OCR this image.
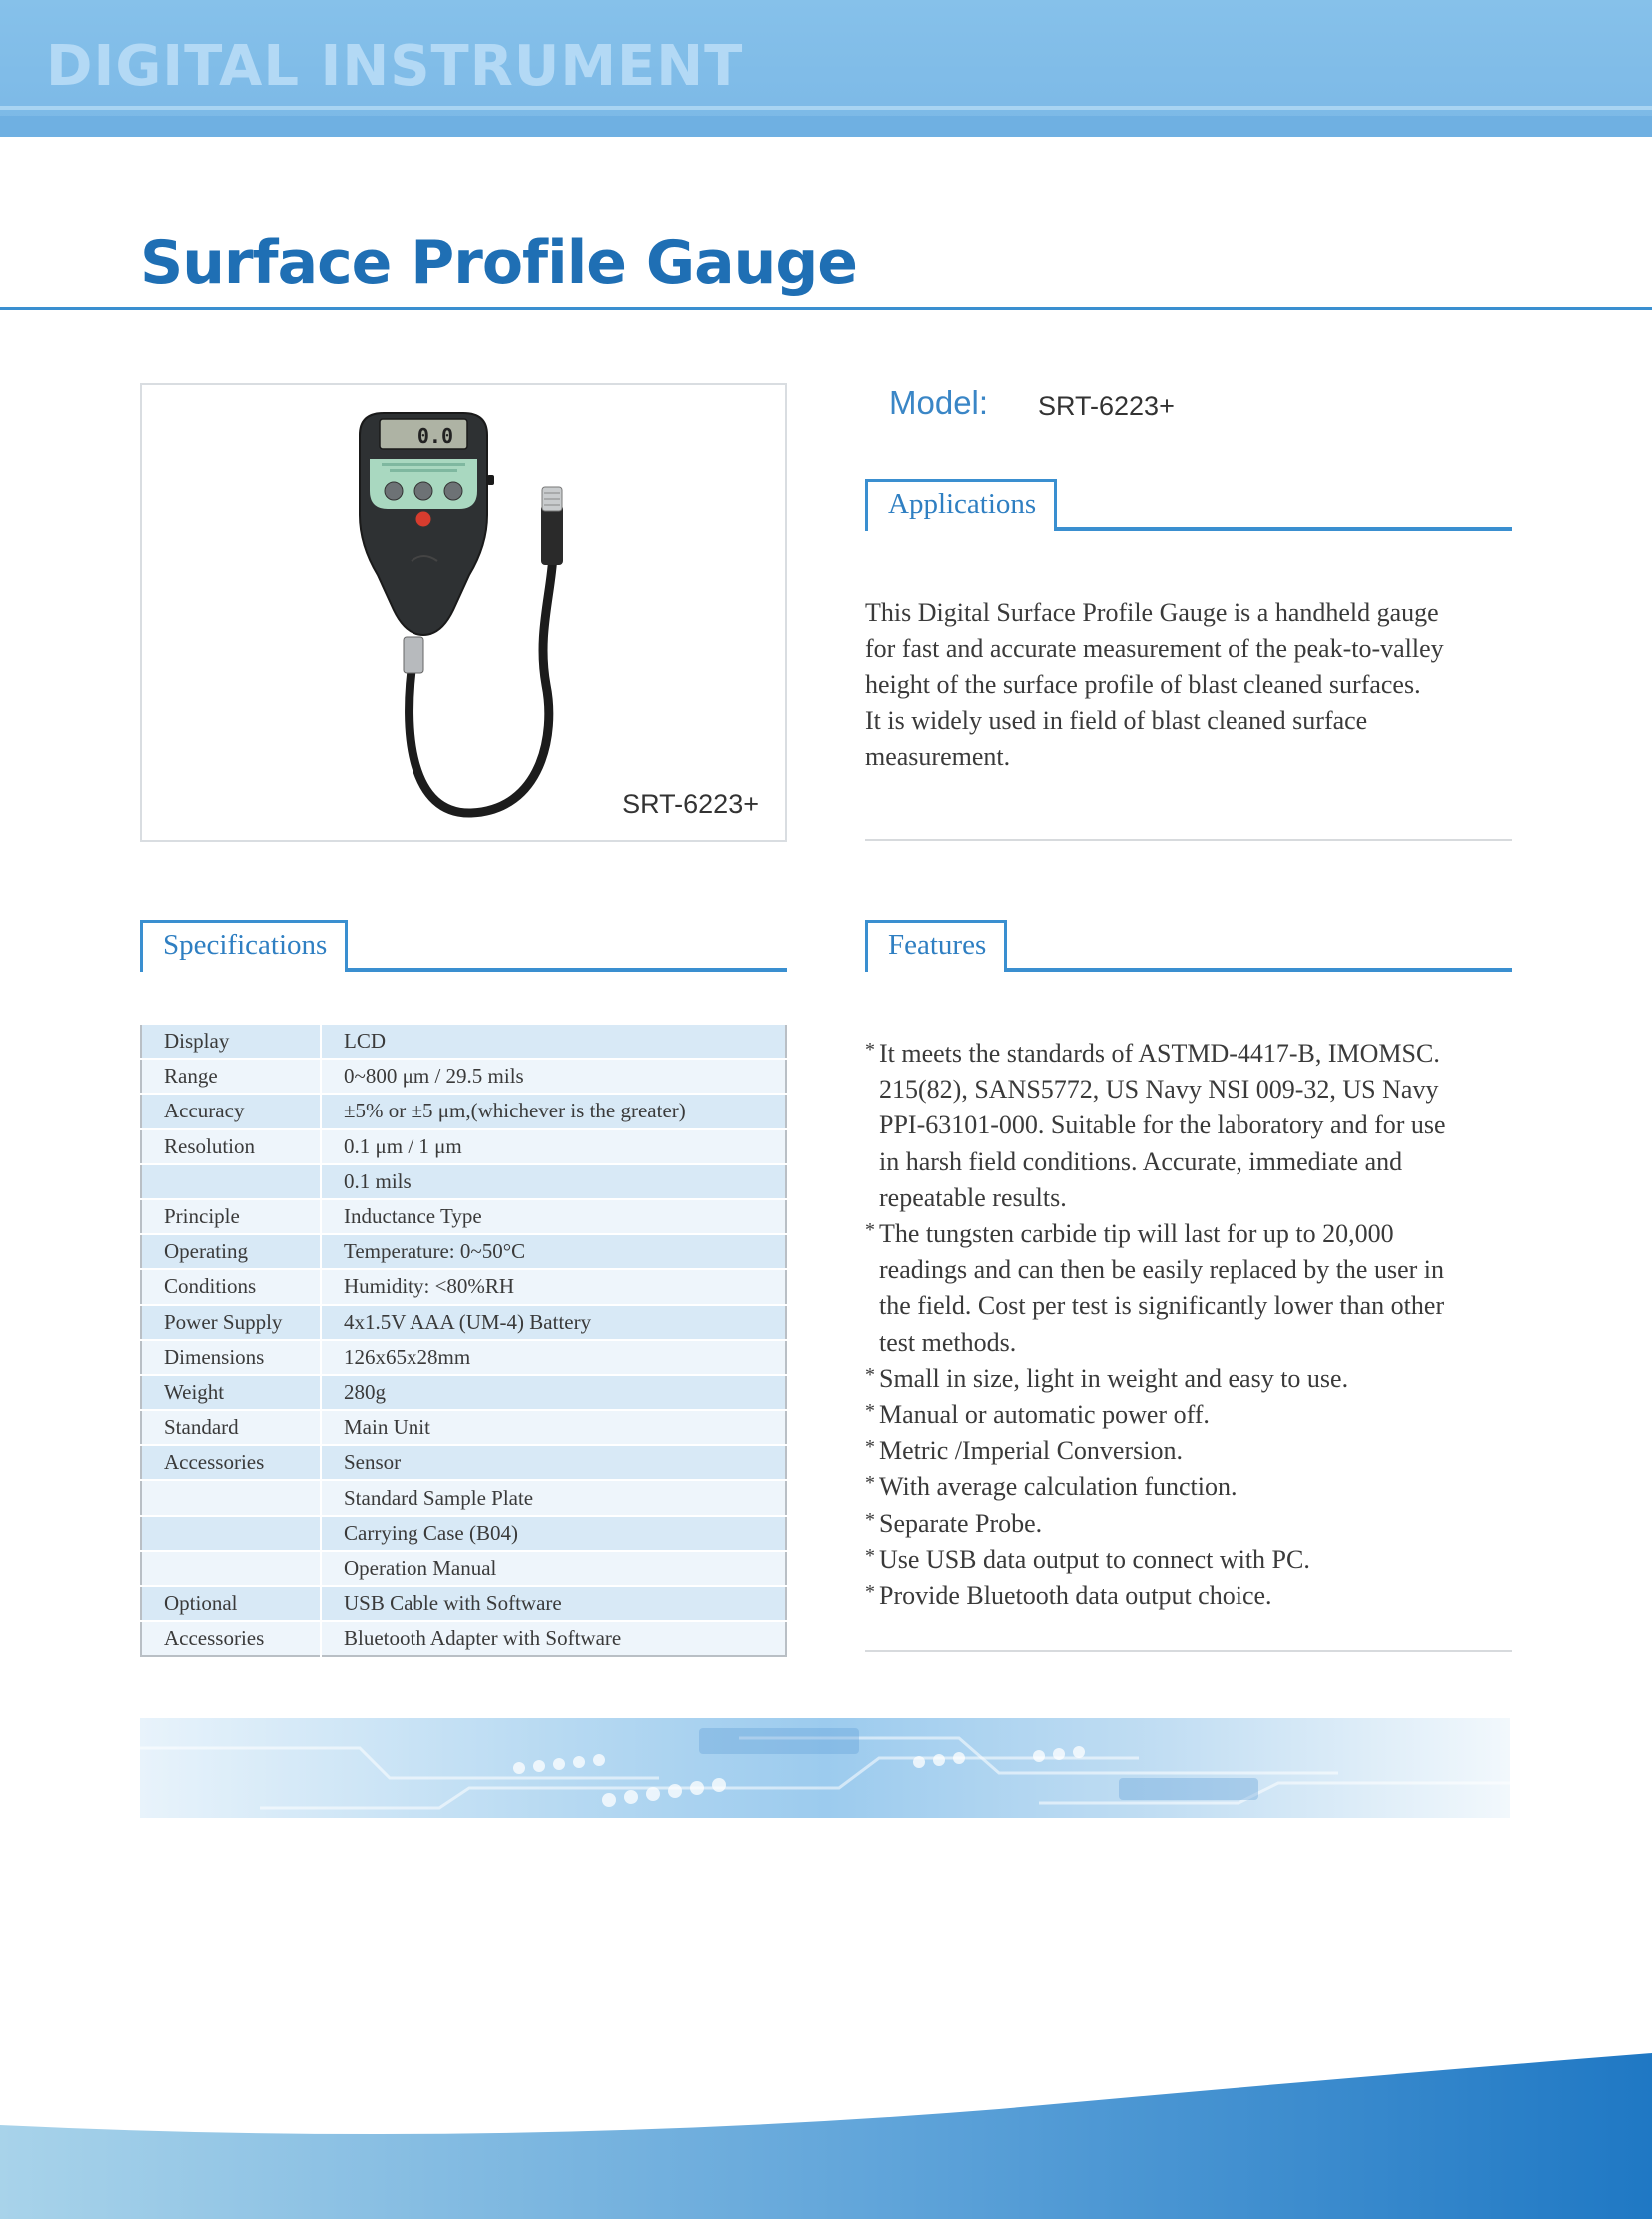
DIGITAL INSTRUMENT
Surface Profile Gauge
0.0
SRT-6223+
Model: SRT-6223+
Applications
This Digital Surface Profile Gauge is a handheld gauge
for fast and accurate measurement of the peak-to-valley
height of the surface profile of blast cleaned surfaces.
It is widely used in field of blast cleaned surface
measurement.
Specifications
Display	LCD
Range	0~800 μm / 29.5 mils
Accuracy	±5% or ±5 μm,(whichever is the greater)
Resolution	0.1 μm / 1 μm
	0.1 mils
Principle	Inductance Type
Operating	Temperature: 0~50°C
Conditions	Humidity: <80%RH
Power Supply	4x1.5V AAA (UM-4) Battery
Dimensions	126x65x28mm
Weight	280g
Standard	Main Unit
Accessories	Sensor
	Standard Sample Plate
	Carrying Case (B04)
	Operation Manual
Optional	USB Cable with Software
Accessories	Bluetooth Adapter with Software
Features
* It meets the standards of ASTMD-4417-B, IMOMSC.
215(82), SANS5772, US Navy NSI 009-32, US Navy
PPI-63101-000. Suitable for the laboratory and for use
in harsh field conditions. Accurate, immediate and
repeatable results.
* The tungsten carbide tip will last for up to 20,000
readings and can then be easily replaced by the user in
the field. Cost per test is significantly lower than other
test methods.
* Small in size, light in weight and easy to use.
* Manual or automatic power off.
* Metric /Imperial Conversion.
* With average calculation function.
* Separate Probe.
* Use USB data output to connect with PC.
* Provide Bluetooth data output choice.
